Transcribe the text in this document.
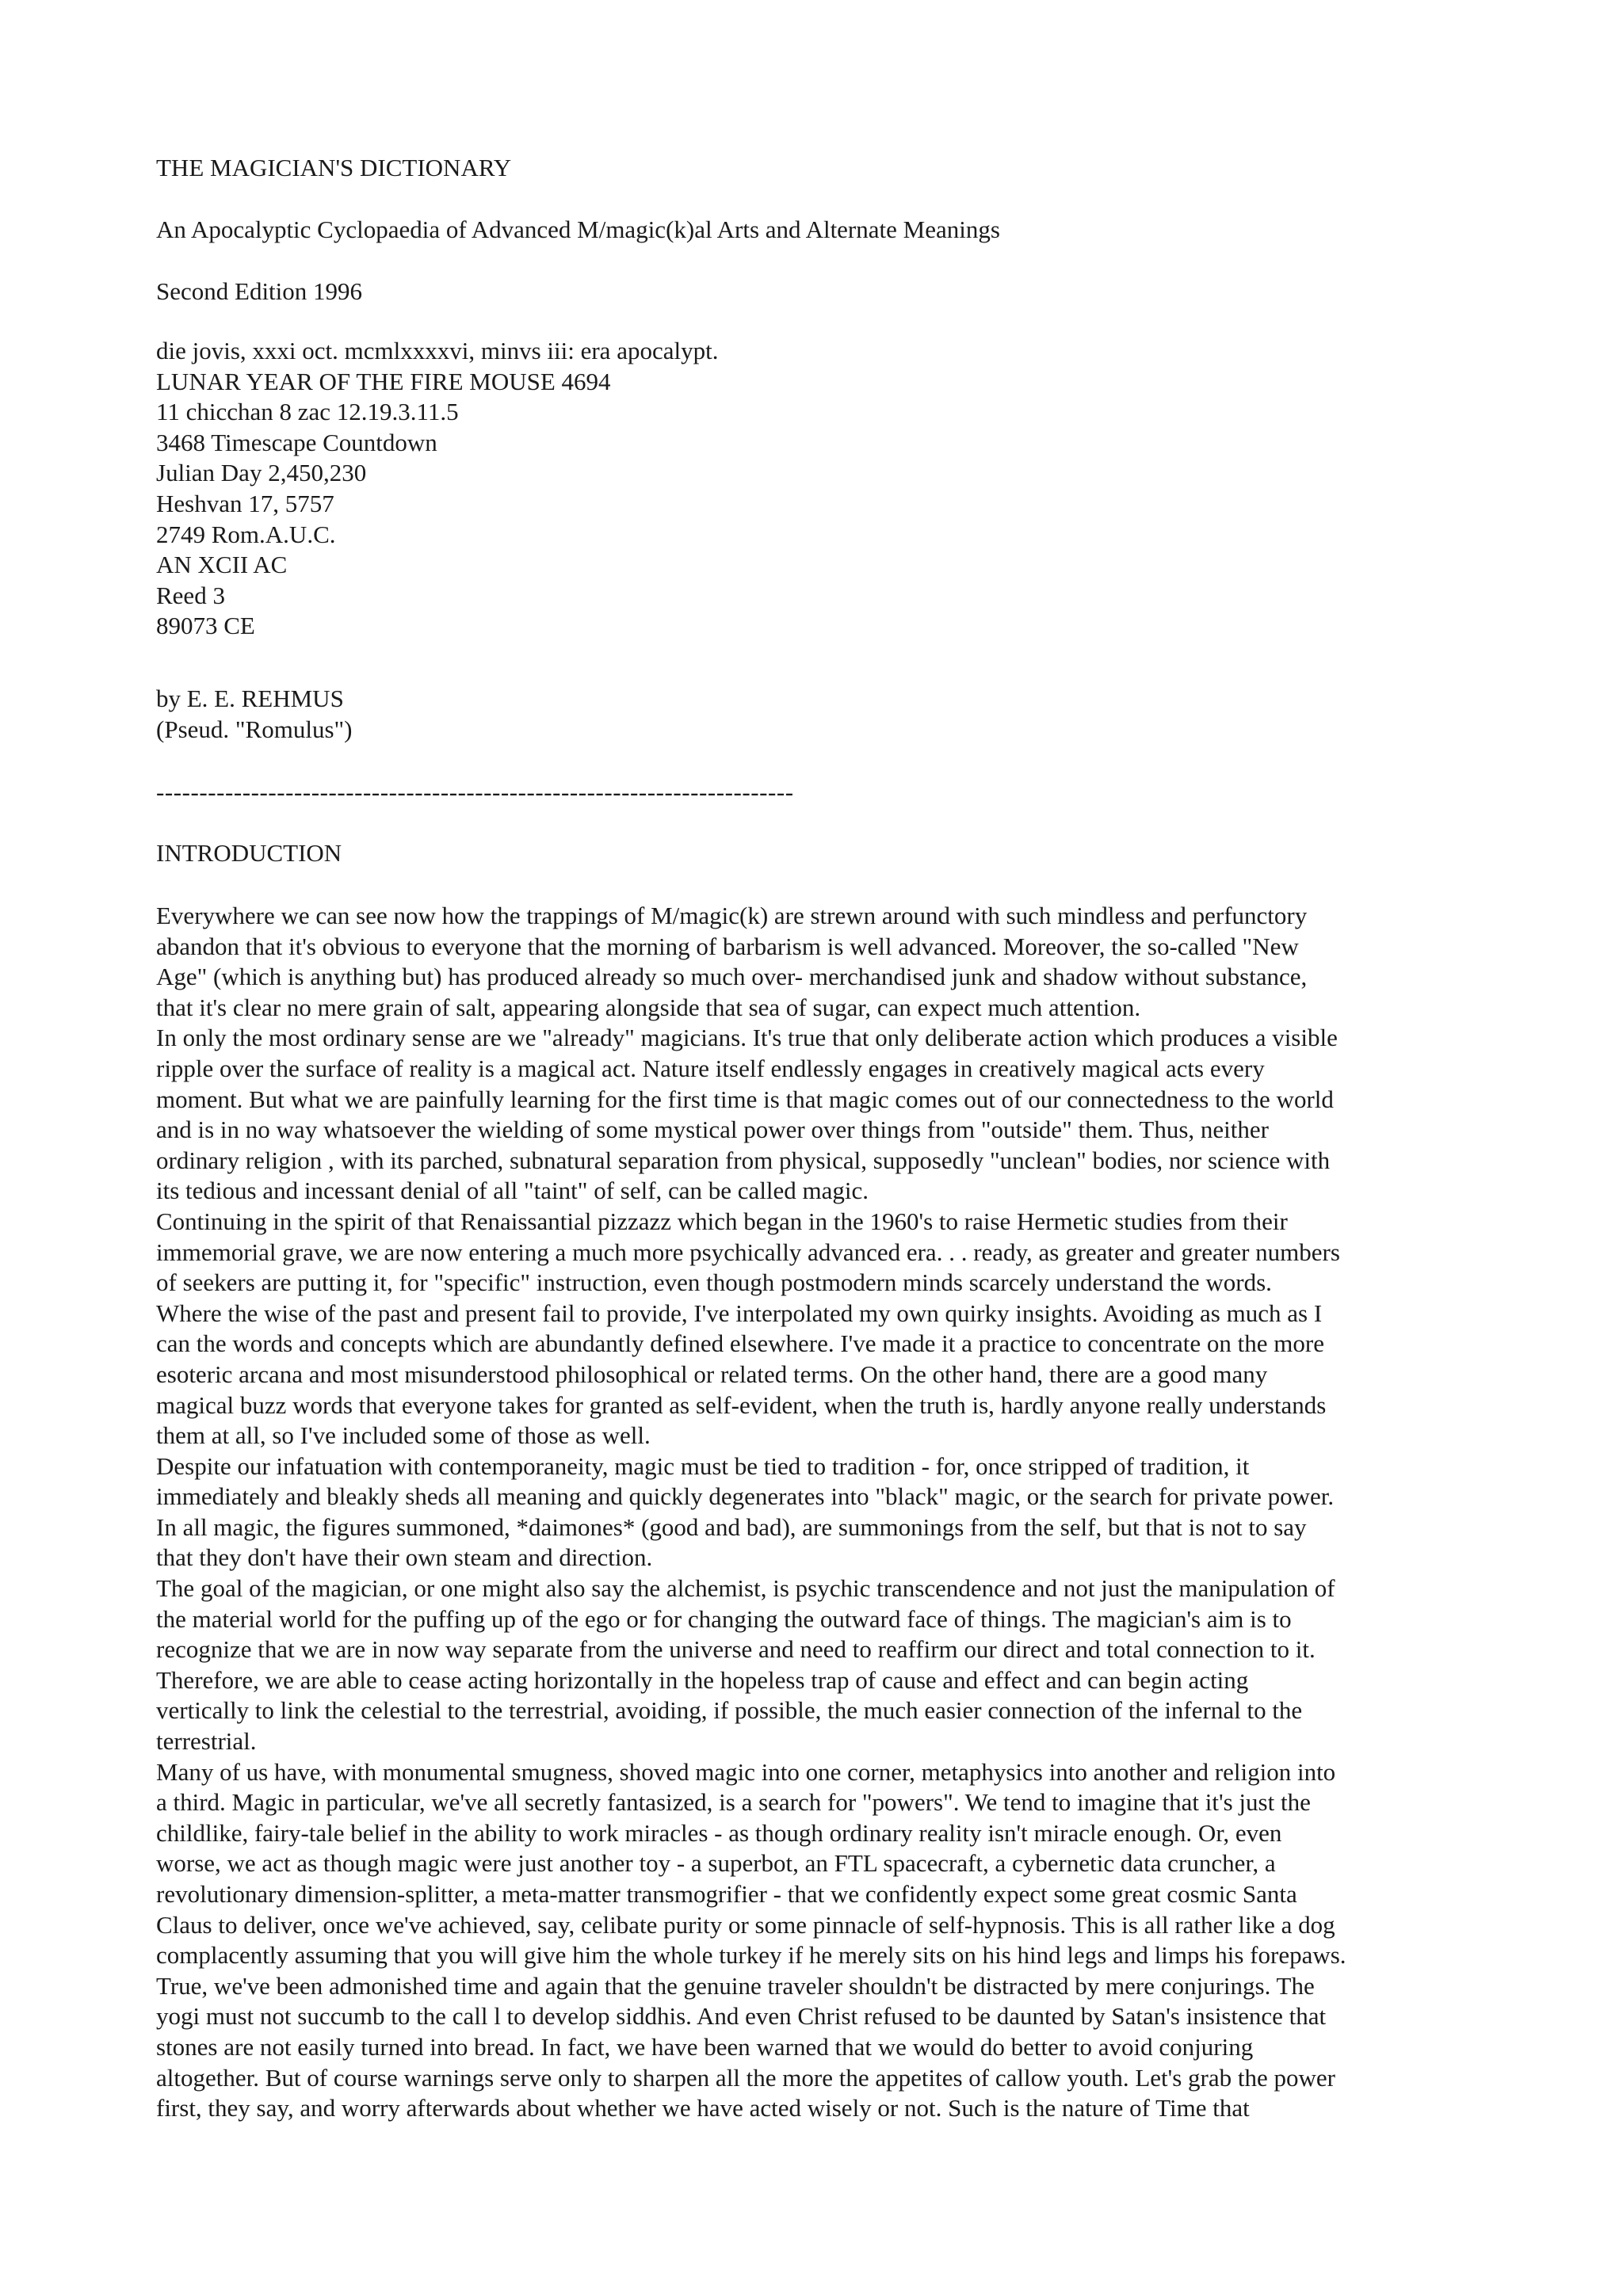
THE MAGICIAN'S DICTIONARY
An Apocalyptic Cyclopaedia of Advanced M/magic(k)al Arts and Alternate Meanings
Second Edition 1996
die jovis, xxxi oct. mcmlxxxxvi, minvs iii: era apocalypt.
LUNAR YEAR OF THE FIRE MOUSE 4694
11 chicchan 8 zac 12.19.3.11.5
3468 Timescape Countdown
Julian Day 2,450,230
Heshvan 17, 5757
2749 Rom.A.U.C.
AN XCII AC
Reed 3
89073 CE
by E. E. REHMUS
(Pseud. "Romulus")
--------------------------------------------------------------------------
INTRODUCTION
Everywhere we can see now how the trappings of M/magic(k) are strewn around with such mindless and perfunctory
abandon that it's obvious to everyone that the morning of barbarism is well advanced. Moreover, the so-called "New
Age" (which is anything but) has produced already so much over- merchandised junk and shadow without substance,
that it's clear no mere grain of salt, appearing alongside that sea of sugar, can expect much attention.
In only the most ordinary sense are we "already" magicians. It's true that only deliberate action which produces a visible
ripple over the surface of reality is a magical act. Nature itself endlessly engages in creatively magical acts every
moment. But what we are painfully learning for the first time is that magic comes out of our connectedness to the world
and is in no way whatsoever the wielding of some mystical power over things from "outside" them. Thus, neither
ordinary religion , with its parched, subnatural separation from physical, supposedly "unclean" bodies, nor science with
its tedious and incessant denial of all "taint" of self, can be called magic.
Continuing in the spirit of that Renaissantial pizzazz which began in the 1960's to raise Hermetic studies from their
immemorial grave, we are now entering a much more psychically advanced era. . . ready, as greater and greater numbers
of seekers are putting it, for "specific" instruction, even though postmodern minds scarcely understand the words.
Where the wise of the past and present fail to provide, I've interpolated my own quirky insights. Avoiding as much as I
can the words and concepts which are abundantly defined elsewhere. I've made it a practice to concentrate on the more
esoteric arcana and most misunderstood philosophical or related terms. On the other hand, there are a good many
magical buzz words that everyone takes for granted as self-evident, when the truth is, hardly anyone really understands
them at all, so I've included some of those as well.
Despite our infatuation with contemporaneity, magic must be tied to tradition - for, once stripped of tradition, it
immediately and bleakly sheds all meaning and quickly degenerates into "black" magic, or the search for private power.
In all magic, the figures summoned, *daimones* (good and bad), are summonings from the self, but that is not to say
that they don't have their own steam and direction.
The goal of the magician, or one might also say the alchemist, is psychic transcendence and not just the manipulation of
the material world for the puffing up of the ego or for changing the outward face of things. The magician's aim is to
recognize that we are in now way separate from the universe and need to reaffirm our direct and total connection to it.
Therefore, we are able to cease acting horizontally in the hopeless trap of cause and effect and can begin acting
vertically to link the celestial to the terrestrial, avoiding, if possible, the much easier connection of the infernal to the
terrestrial.
Many of us have, with monumental smugness, shoved magic into one corner, metaphysics into another and religion into
a third. Magic in particular, we've all secretly fantasized, is a search for "powers". We tend to imagine that it's just the
childlike, fairy-tale belief in the ability to work miracles - as though ordinary reality isn't miracle enough. Or, even
worse, we act as though magic were just another toy - a superbot, an FTL spacecraft, a cybernetic data cruncher, a
revolutionary dimension-splitter, a meta-matter transmogrifier - that we confidently expect some great cosmic Santa
Claus to deliver, once we've achieved, say, celibate purity or some pinnacle of self-hypnosis. This is all rather like a dog
complacently assuming that you will give him the whole turkey if he merely sits on his hind legs and limps his forepaws.
True, we've been admonished time and again that the genuine traveler shouldn't be distracted by mere conjurings. The
yogi must not succumb to the call l to develop siddhis. And even Christ refused to be daunted by Satan's insistence that
stones are not easily turned into bread. In fact, we have been warned that we would do better to avoid conjuring
altogether. But of course warnings serve only to sharpen all the more the appetites of callow youth. Let's grab the power
first, they say, and worry afterwards about whether we have acted wisely or not. Such is the nature of Time that
